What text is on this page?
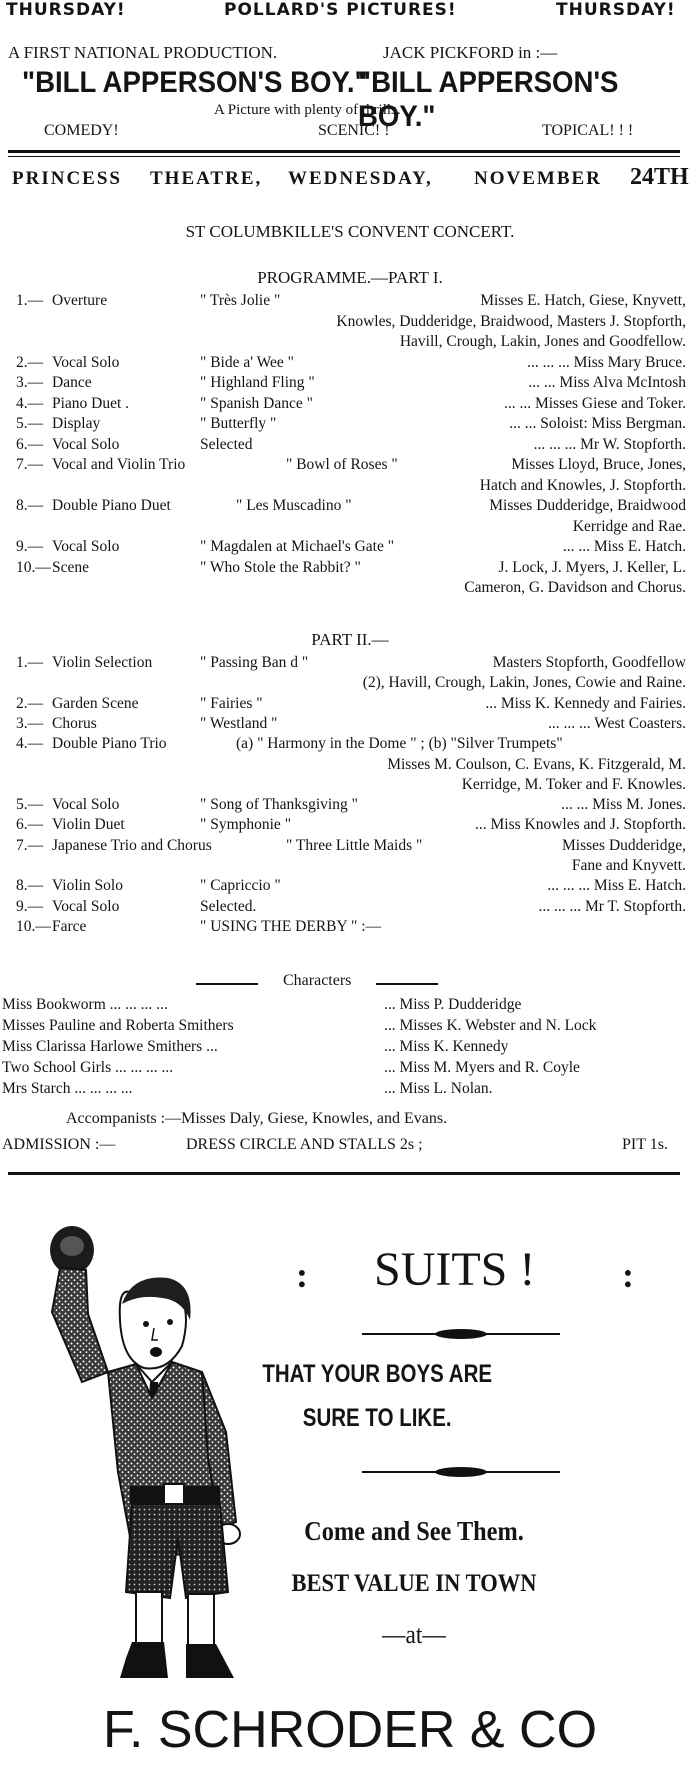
THURSDAY!	POLLARD'S PICTURES!	THURSDAY!
A FIRST NATIONAL PRODUCTION.	JACK PICKFORD in :—
"BILL APPERSON'S BOY."
"BILL APPERSON'S BOY."
A Picture with plenty of thrills.
COMEDY!	SCENIC! !	TOPICAL! ! !
PRINCESS THEATRE, WEDNESDAY, NOVEMBER 24TH
ST COLUMBKILLE'S CONVENT CONCERT.
PROGRAMME.—PART I.
1.— Overture	" Très Jolie "	Misses E. Hatch, Giese, Knyvett,
Knowles, Dudderidge, Braidwood, Masters J. Stopforth,
Havill, Crough, Lakin, Jones and Goodfellow.
2.— Vocal Solo	" Bide a' Wee "	... ... ... Miss Mary Bruce.
3.— Dance	" Highland Fling "	... ... Miss Alva McIntosh
4.— Piano Duet .	" Spanish Dance "	... ... Misses Giese and Toker.
5.— Display	" Butterfly "	... ... Soloist: Miss Bergman.
6.— Vocal Solo	Selected	... ... ... Mr W. Stopforth.
7.— Vocal and Violin Trio	" Bowl of Roses "	Misses Lloyd, Bruce, Jones,
Hatch and Knowles, J. Stopforth.
8.— Double Piano Duet	" Les Muscadino "	Misses Dudderidge, Braidwood
Kerridge and Rae.
9.— Vocal Solo	" Magdalen at Michael's Gate "	... ... Miss E. Hatch.
10.— Scene	" Who Stole the Rabbit? "	J. Lock, J. Myers, J. Keller, L.
Cameron, G. Davidson and Chorus.
PART II.—
1.— Violin Selection	" Passing Ban d "	Masters Stopforth, Goodfellow
(2), Havill, Crough, Lakin, Jones, Cowie and Raine.
2.— Garden Scene	" Fairies "	... Miss K. Kennedy and Fairies.
3.— Chorus	" Westland "	... ... ... West Coasters.
4.— Double Piano Trio	(a) " Harmony in the Dome " ; (b) "Silver Trumpets"
Misses M. Coulson, C. Evans, K. Fitzgerald, M.
Kerridge, M. Toker and F. Knowles.
5.— Vocal Solo	" Song of Thanksgiving "	... ... Miss M. Jones.
6.— Violin Duet	" Symphonie "	... Miss Knowles and J. Stopforth.
7.— Japanese Trio and Chorus	" Three Little Maids "	Misses Dudderidge,
Fane and Knyvett.
8.— Violin Solo	" Capriccio "	... ... ... Miss E. Hatch.
9.— Vocal Solo	Selected.	... ... ... Mr T. Stopforth.
10.— Farce	" USING THE DERBY " :—
Characters
Miss Bookworm ... ... ... ...	... Miss P. Dudderidge
Misses Pauline and Roberta Smithers	... Misses K. Webster and N. Lock
Miss Clarissa Harlowe Smithers ...	... Miss K. Kennedy
Two School Girls ... ... ... ...	... Miss M. Myers and R. Coyle
Mrs Starch ... ... ... ...	... Miss L. Nolan.
Accompanists :—Misses Daly, Giese, Knowles, and Evans.
ADMISSION :—	DRESS CIRCLE AND STALLS 2s ;	PIT 1s.
: SUITS ! :
THAT YOUR BOYS ARE
SURE TO LIKE.
Come and See Them.
BEST VALUE IN TOWN
—at—
F. SCHRODER & CO
